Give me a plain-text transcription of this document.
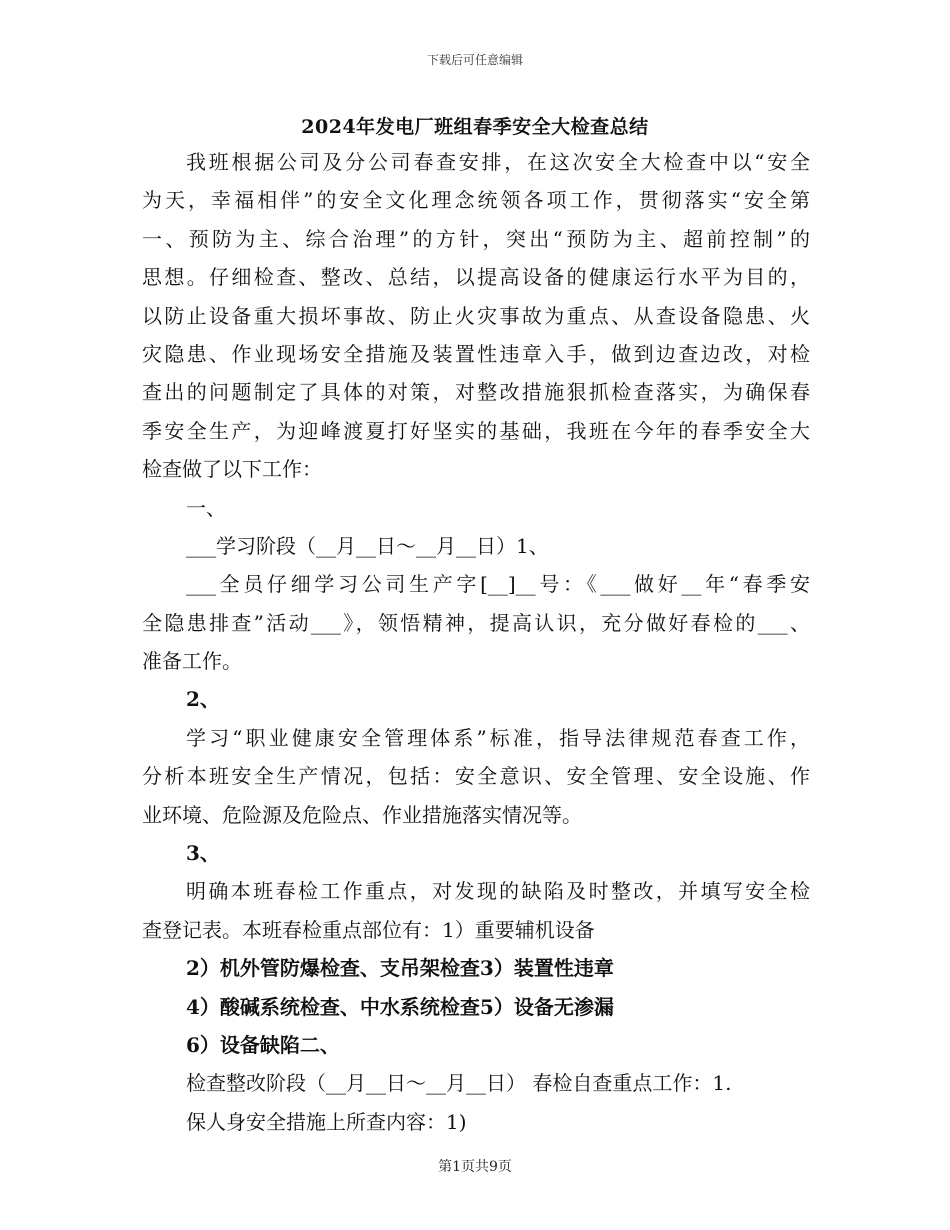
下载后可任意编辑
2024年发电厂班组春季安全大检查总结
我班根据公司及分公司春查安排，在这次安全大检查中以“安全
为天，幸福相伴”的安全文化理念统领各项工作，贯彻落实“安全第
一、预防为主、综合治理”的方针，突出“预防为主、超前控制”的
思想。仔细检查、整改、总结，以提高设备的健康运行水平为目的，
以防止设备重大损坏事故、防止火灾事故为重点、从查设备隐患、火
灾隐患、作业现场安全措施及装置性违章入手，做到边查边改，对检
查出的问题制定了具体的对策，对整改措施狠抓检查落实，为确保春
季安全生产，为迎峰渡夏打好坚实的基础，我班在今年的春季安全大
检查做了以下工作：
一、
___学习阶段（__月__日～__月__日）1、
___全员仔细学习公司生产字[__]__号：《___做好__年“春季安
全隐患排查”活动___》，领悟精神，提高认识，充分做好春检的___、
准备工作。
2、
学习“职业健康安全管理体系”标准，指导法律规范春查工作，
分析本班安全生产情况，包括：安全意识、安全管理、安全设施、作
业环境、危险源及危险点、作业措施落实情况等。
3、
明确本班春检工作重点，对发现的缺陷及时整改，并填写安全检
查登记表。本班春检重点部位有：1）重要辅机设备
2）机外管防爆检查、支吊架检查3）装置性违章
4）酸碱系统检查、中水系统检查5）设备无渗漏
6）设备缺陷二、
检查整改阶段（__月__日～__月__日） 春检自查重点工作：1.
保人身安全措施上所查内容：1)
第1页共9页
